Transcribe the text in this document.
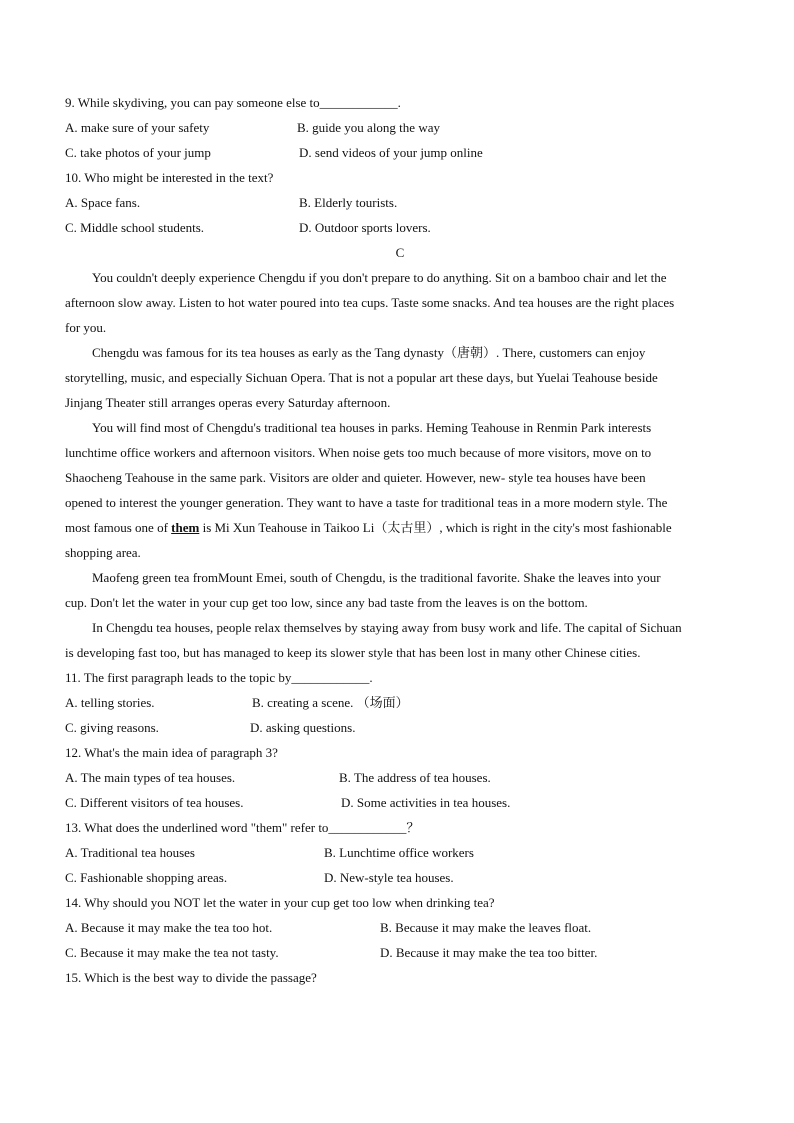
9. While skydiving, you can pay someone else to____________.
A. make sure of your safety	B. guide you along the way
C. take photos of your jump	D. send videos of your jump online
10. Who might be interested in the text?
A. Space fans.	B. Elderly tourists.
C. Middle school students.	D. Outdoor sports lovers.
C
You couldn't deeply experience Chengdu if you don't prepare to do anything. Sit on a bamboo chair and let the
afternoon slow away. Listen to hot water poured into tea cups. Taste some snacks. And tea houses are the right places
for you.
Chengdu was famous for its tea houses as early as the Tang dynasty（唐朝）. There, customers can enjoy
storytelling, music, and especially Sichuan Opera. That is not a popular art these days, but Yuelai Teahouse beside
Jinjang Theater still arranges operas every Saturday afternoon.
You will find most of Chengdu's traditional tea houses in parks. Heming Teahouse in Renmin Park interests
lunchtime office workers and afternoon visitors. When noise gets too much because of more visitors, move on to
Shaocheng Teahouse in the same park. Visitors are older and quieter. However, new- style tea houses have been
opened to interest the younger generation. They want to have a taste for traditional teas in a more modern style. The
most famous one of them is Mi Xun Teahouse in Taikoo Li（太古里）, which is right in the city's most fashionable
shopping area.
Maofeng green tea fromMount Emei, south of Chengdu, is the traditional favorite. Shake the leaves into your
cup. Don't let the water in your cup get too low, since any bad taste from the leaves is on the bottom.
In Chengdu tea houses, people relax themselves by staying away from busy work and life. The capital of Sichuan
is developing fast too, but has managed to keep its slower style that has been lost in many other Chinese cities.
11. The first paragraph leads to the topic by____________.
A. telling stories.	B. creating a scene. （场面）
C. giving reasons.	D. asking questions.
12. What's the main idea of paragraph 3?
A. The main types of tea houses.	B. The address of tea houses.
C. Different visitors of tea houses.	D. Some activities in tea houses.
13. What does the underlined word "them" refer to____________？
A. Traditional tea houses	B. Lunchtime office workers
C. Fashionable shopping areas.	D. New-style tea houses.
14. Why should you NOT let the water in your cup get too low when drinking tea?
A. Because it may make the tea too hot.	B. Because it may make the leaves float.
C. Because it may make the tea not tasty.	D. Because it may make the tea too bitter.
15. Which is the best way to divide the passage?
